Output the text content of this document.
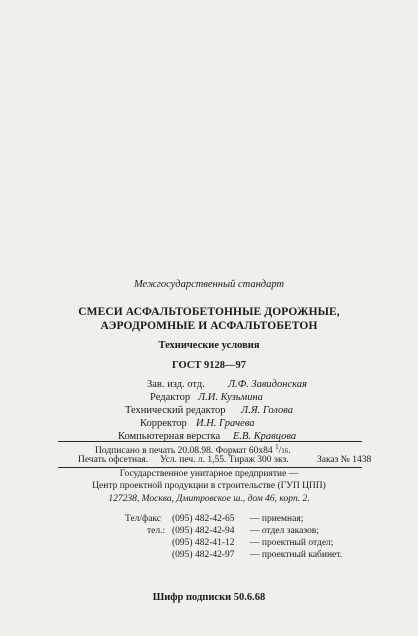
Межгосударственный стандарт
СМЕСИ АСФАЛЬТОБЕТОННЫЕ ДОРОЖНЫЕ,
АЭРОДРОМНЫЕ И АСФАЛЬТОБЕТОН
Технические условия
ГОСТ 9128—97
Зав. изд. отд. Л.Ф. Завидонская
Редактор Л.И. Кузьмина
Технический редактор Л.Я. Голова
Корректор И.Н. Грачева
Компьютерная верстка Е.В. Кравцова
Подписано в печать 20.08.98. Формат 60х84 $^1$/16.
Печать офсетная. Усл. печ. л. 1,55. Тираж 300 экз.	Заказ № 1438
Государственное унитарное предприятие —
Центр проектной продукции в строительстве (ГУП ЦПП)
127238, Москва, Дмитровское ш., дом 46, корп. 2.
Тел/факс (095) 482-42-65 — приемная;
тел.: (095) 482-42-94 — отдел заказов;
(095) 482-41-12 — проектный отдел;
(095) 482-42-97 — проектный кабинет.
Шифр подписки 50.6.68
